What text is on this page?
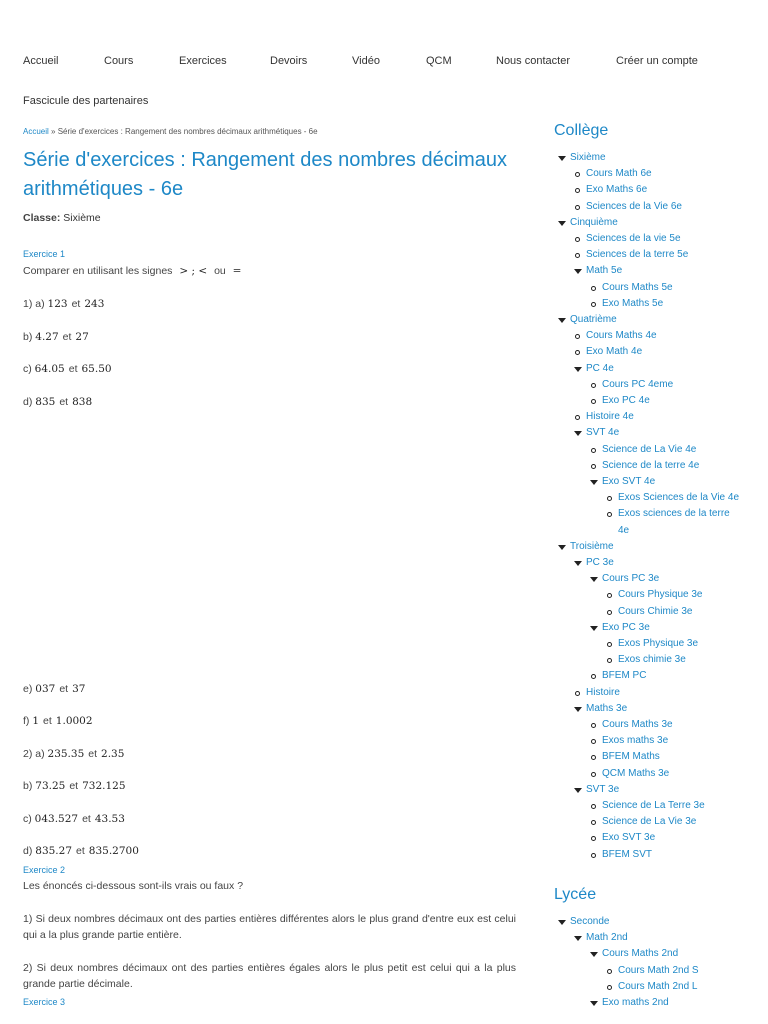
Accueil	Cours	Exercices	Devoirs	Vidéo	QCM	Nous contacter	Créer un compte
Fascicule des partenaires
Accueil » Série d'exercices : Rangement des nombres décimaux arithmétiques - 6e
Série d'exercices : Rangement des nombres décimaux arithmétiques - 6e
Classe: Sixième
Exercice 1
Comparer en utilisant les signes > ; < ou =
1) a) 123 et 243
b) 4.27 et 27
c) 64.05 et 65.50
d) 835 et 838
e) 037 et 37
f) 1 et 1.0002
2) a) 235.35 et 2.35
b) 73.25 et 732.125
c) 043.527 et 43.53
d) 835.27 et 835.2700
Exercice 2
Les énoncés ci-dessous sont-ils vrais ou faux ?
1) Si deux nombres décimaux ont des parties entières différentes alors le plus grand d'entre eux est celui qui a la plus grande partie entière.
2) Si deux nombres décimaux ont des parties entières égales alors le plus petit est celui qui a la plus grande partie décimale.
Exercice 3
Collège
Lycée
Sixième
Cours Math 6e
Exo Maths 6e
Sciences de la Vie 6e
Cinquième
Sciences de la vie 5e
Sciences de la terre 5e
Math 5e
Cours Maths 5e
Exo Maths 5e
Quatrième
Cours Maths 4e
Exo Math 4e
PC 4e
Cours PC 4eme
Exo PC 4e
Histoire 4e
SVT 4e
Science de La Vie 4e
Science de la terre 4e
Exo SVT 4e
Exos Sciences de la Vie 4e
Exos sciences de la terre
4e
Troisième
PC 3e
Cours PC 3e
Cours Physique 3e
Cours Chimie 3e
Exo PC 3e
Exos Physique 3e
Exos chimie 3e
BFEM PC
Histoire
Maths 3e
Cours Maths 3e
Exos maths 3e
BFEM Maths
QCM Maths 3e
SVT 3e
Science de La Terre 3e
Science de La Vie 3e
Exo SVT 3e
BFEM SVT
Seconde
Math 2nd
Cours Maths 2nd
Cours Math 2nd S
Cours Math 2nd L
Exo maths 2nd
